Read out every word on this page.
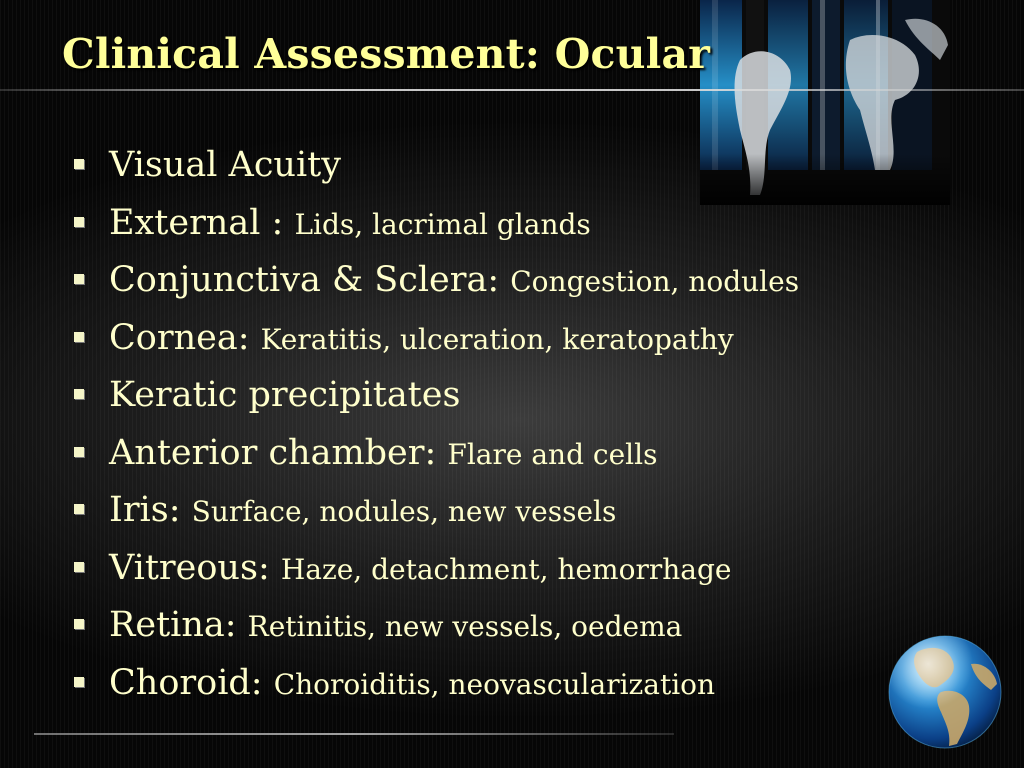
Clinical Assessment: Ocular
Visual Acuity
External : Lids, lacrimal glands
Conjunctiva & Sclera: Congestion, nodules
Cornea: Keratitis, ulceration, keratopathy
Keratic precipitates
Anterior chamber: Flare and cells
Iris: Surface, nodules, new vessels
Vitreous: Haze, detachment, hemorrhage
Retina: Retinitis, new vessels, oedema
Choroid: Choroiditis, neovascularization
